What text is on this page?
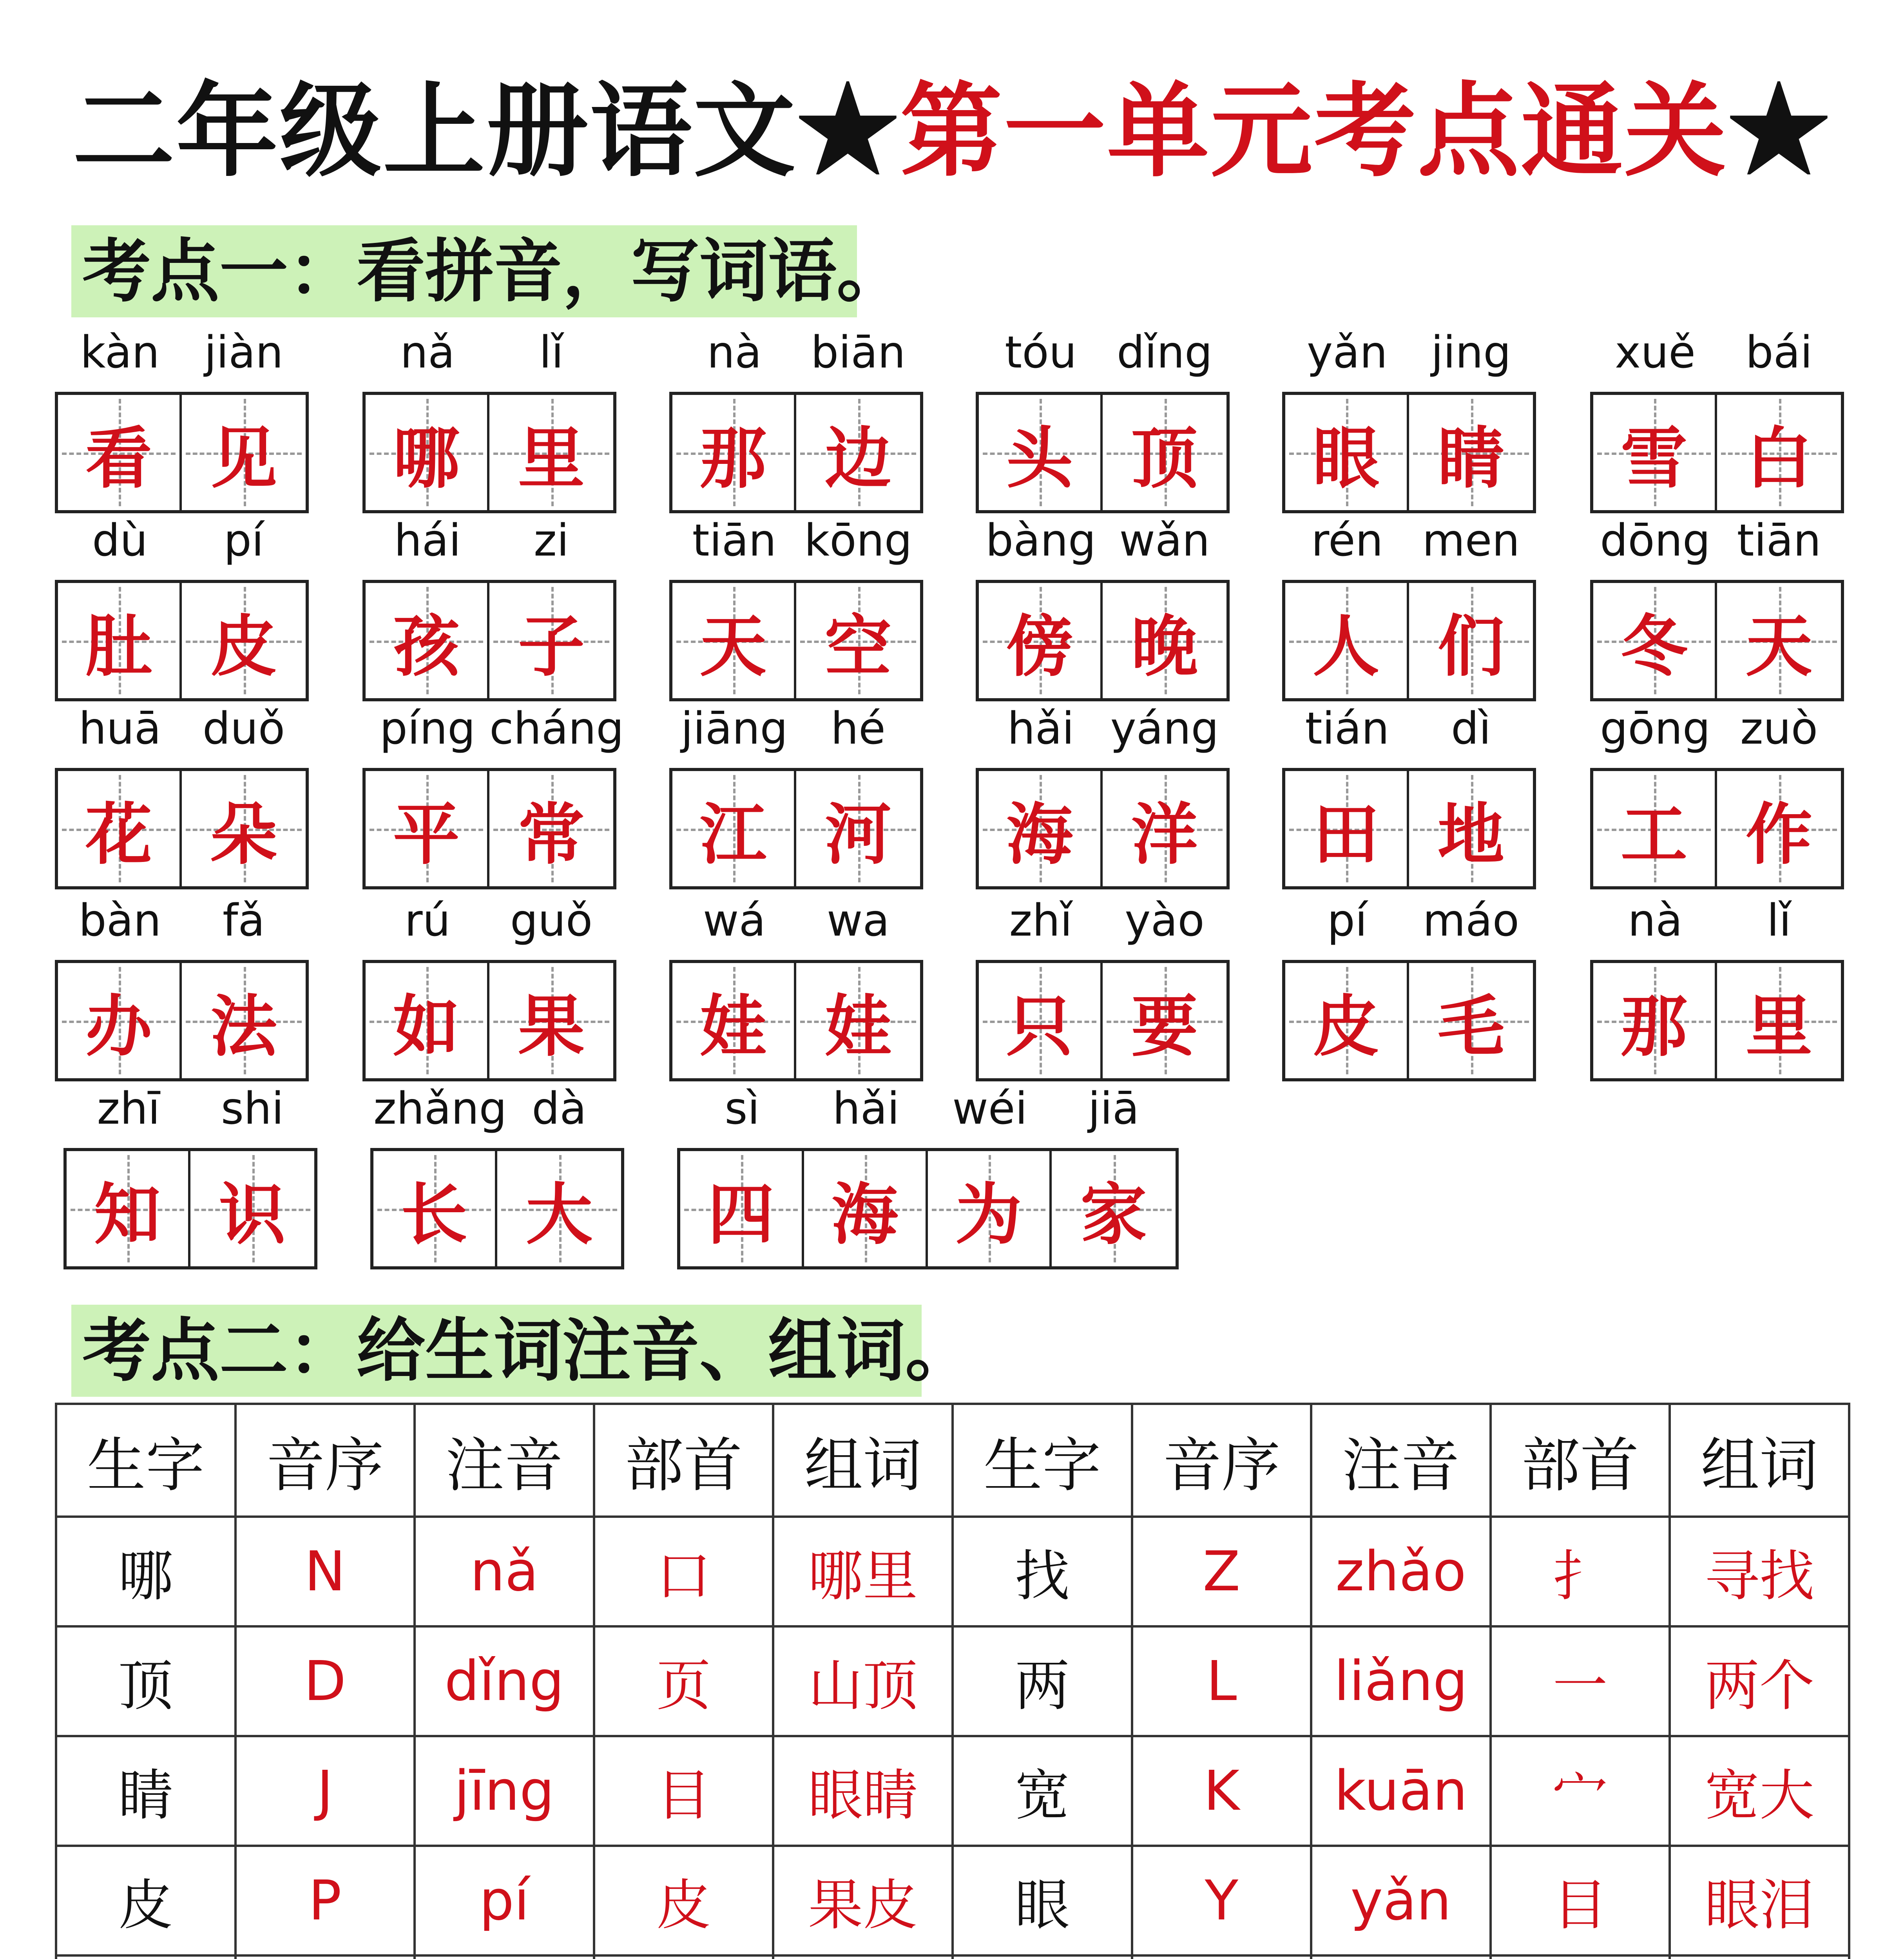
二年级上册语文★第一单元考点通关★
考点一：看拼音，写词语。
kàn	jiàn
看 见
nǎ	lǐ
哪 里
nà	biān
那 边
tóu dǐng
头 顶
yǎn jing
眼 睛
xuě	bái
雪 白
dù	pí
肚 皮
hái	zi
孩 子
tiān kōng
天 空
bàng wǎn
傍 晚
rén men
人 们
dōng tiān
冬 天
huā duǒ
花 朵
píng cháng
平 常
jiāng hé
江 河
hǎi yáng
海 洋
tián	dì
田 地
gōng zuò
工 作
bàn	fǎ
办 法
rú	guǒ
如 果
wá	wa
娃 娃
zhǐ	yào
只 要
pí	máo
皮 毛
nà	lǐ
那 里
zhī	shi
知 识
zhǎng dà
长 大
sì	hǎi	wéi	jiā
四 海 为 家
考点二：给生词注音、组词。
生字	音序	注音	部首	组词	生字	音序	注音	部首	组词
哪	N	nǎ	口	哪里	找	Z	zhǎo	扌	寻找
顶	D	dǐng	页	山顶	两	L	liǎng	一	两个
睛	J	jīng	目	眼睛	宽	K	kuān	宀	宽大
皮	P	pí	皮	果皮	眼	Y	yǎn	目	眼泪
